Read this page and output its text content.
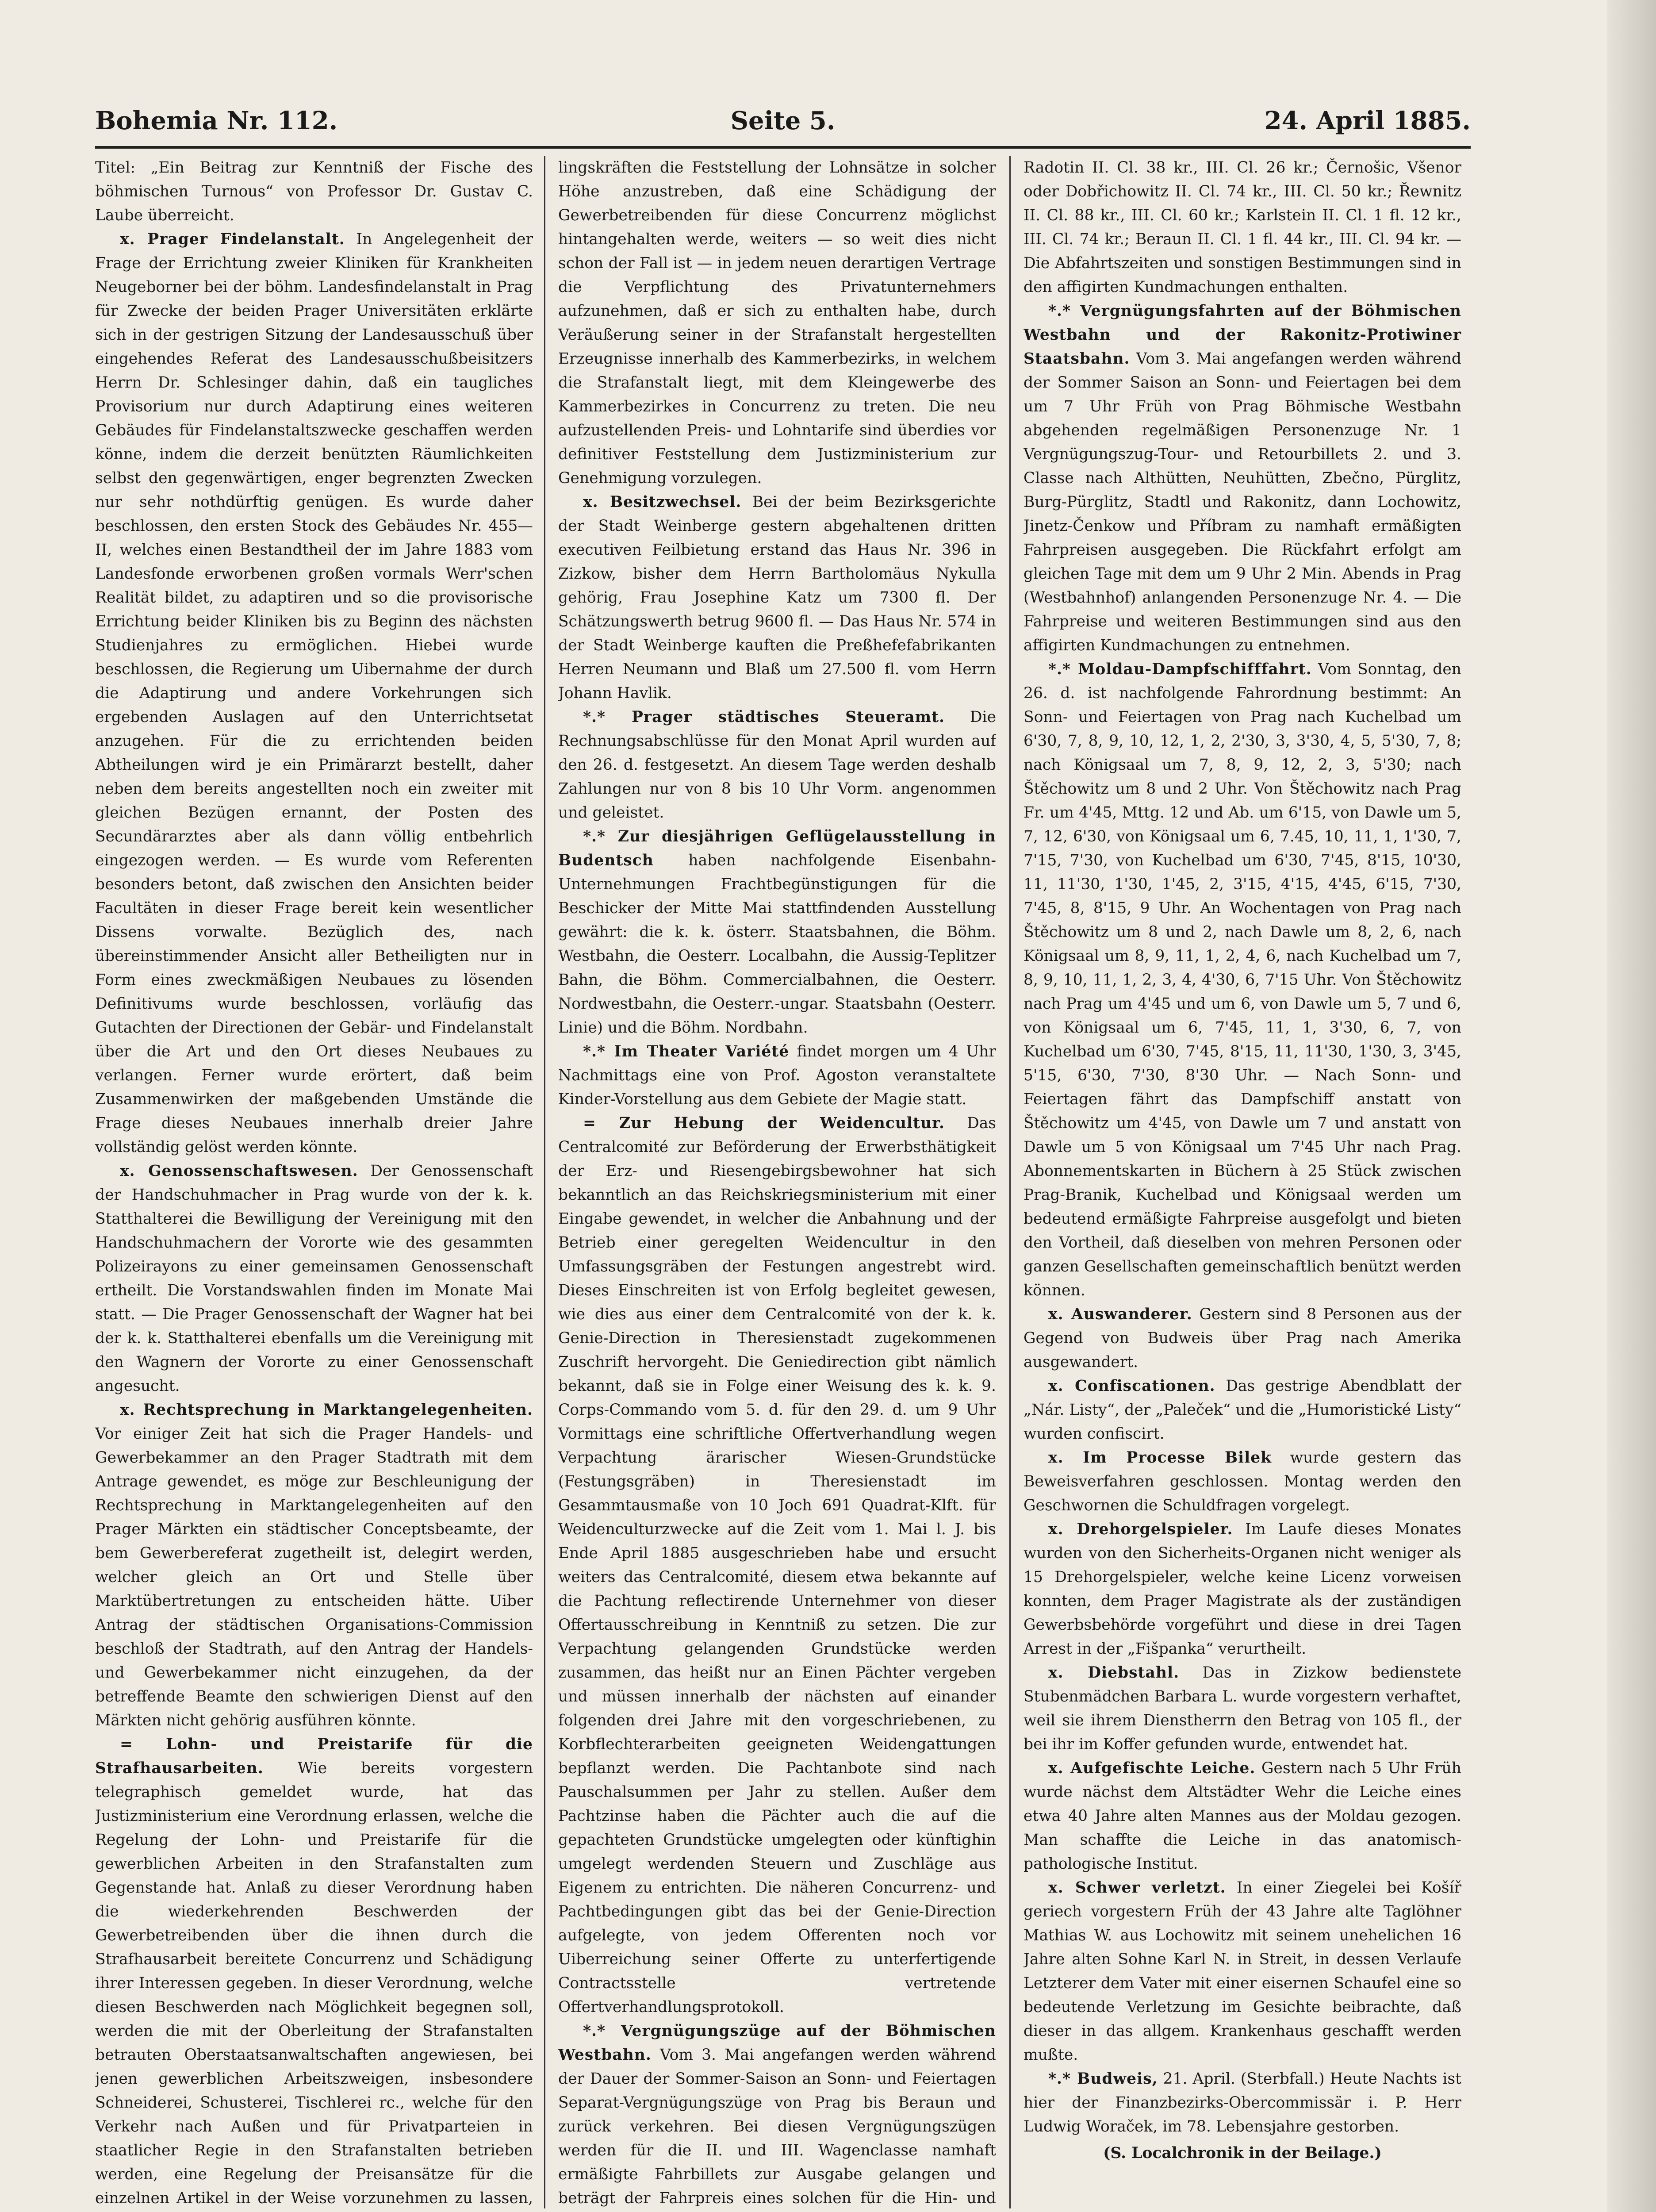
Bohemia Nr. 112.	Seite 5.	24. April 1885.

Titel: „Ein Beitrag zur Kenntniß der Fische des böhmischen Turnous“ von Professor Dr. Gustav C. Laube überreicht.

x. Prager Findelanstalt. In Angelegenheit der Frage der Errichtung zweier Kliniken für Krankheiten Neugeborner bei der böhm. Landesfindelanstalt in Prag für Zwecke der beiden Prager Universitäten erklärte sich in der gestrigen Sitzung der Landesausschuß über eingehendes Referat des Landesausschußbeisitzers Herrn Dr. Schlesinger dahin, daß ein taugliches Provisorium nur durch Adaptirung eines weiteren Gebäudes für Findelanstaltszwecke geschaffen werden könne, indem die derzeit benützten Räumlichkeiten selbst den gegenwärtigen, enger begrenzten Zwecken nur sehr nothdürftig genügen. Es wurde daher beschlossen, den ersten Stock des Gebäudes Nr. 455—II, welches einen Bestandtheil der im Jahre 1883 vom Landesfonde erworbenen großen vormals Werr'schen Realität bildet, zu adaptiren und so die provisorische Errichtung beider Kliniken bis zu Beginn des nächsten Studienjahres zu ermöglichen. Hiebei wurde beschlossen, die Regierung um Uibernahme der durch die Adaptirung und andere Vorkehrungen sich ergebenden Auslagen auf den Unterrichtsetat anzugehen. Für die zu errichtenden beiden Abtheilungen wird je ein Primärarzt bestellt, daher neben dem bereits angestellten noch ein zweiter mit gleichen Bezügen ernannt, der Posten des Secundärarztes aber als dann völlig entbehrlich eingezogen werden. — Es wurde vom Referenten besonders betont, daß zwischen den Ansichten beider Facultäten in dieser Frage bereit kein wesentlicher Dissens vorwalte. Bezüglich des, nach übereinstimmender Ansicht aller Betheiligten nur in Form eines zweckmäßigen Neubaues zu lösenden Definitivums wurde beschlossen, vorläufig das Gutachten der Directionen der Gebär- und Findelanstalt über die Art und den Ort dieses Neubaues zu verlangen. Ferner wurde erörtert, daß beim Zusammenwirken der maßgebenden Umstände die Frage dieses Neubaues innerhalb dreier Jahre vollständig gelöst werden könnte.

x. Genossenschaftswesen. Der Genossenschaft der Handschuhmacher in Prag wurde von der k. k. Statthalterei die Bewilligung der Vereinigung mit den Handschuhmachern der Vororte wie des gesammten Polizeirayons zu einer gemeinsamen Genossenschaft ertheilt. Die Vorstandswahlen finden im Monate Mai statt. — Die Prager Genossenschaft der Wagner hat bei der k. k. Statthalterei ebenfalls um die Vereinigung mit den Wagnern der Vororte zu einer Genossenschaft angesucht.

x. Rechtsprechung in Marktangelegenheiten. Vor einiger Zeit hat sich die Prager Handels- und Gewerbekammer an den Prager Stadtrath mit dem Antrage gewendet, es möge zur Beschleunigung der Rechtsprechung in Marktangelegenheiten auf den Prager Märkten ein städtischer Conceptsbeamte, der bem Gewerbereferat zugetheilt ist, delegirt werden, welcher gleich an Ort und Stelle über Marktübertretungen zu entscheiden hätte. Uiber Antrag der städtischen Organisations-Commission beschloß der Stadtrath, auf den Antrag der Handels- und Gewerbekammer nicht einzugehen, da der betreffende Beamte den schwierigen Dienst auf den Märkten nicht gehörig ausführen könnte.

= Lohn- und Preistarife für die Strafhausarbeiten. Wie bereits vorgestern telegraphisch gemeldet wurde, hat das Justizministerium eine Verordnung erlassen, welche die Regelung der Lohn- und Preistarife für die gewerblichen Arbeiten in den Strafanstalten zum Gegenstande hat. Anlaß zu dieser Verordnung haben die wiederkehrenden Beschwerden der Gewerbetreibenden über die ihnen durch die Strafhausarbeit bereitete Concurrenz und Schädigung ihrer Interessen gegeben. In dieser Verordnung, welche diesen Beschwerden nach Möglichkeit begegnen soll, werden die mit der Oberleitung der Strafanstalten betrauten Oberstaatsanwaltschaften angewiesen, bei jenen gewerblichen Arbeitszweigen, insbesondere Schneiderei, Schusterei, Tischlerei rc., welche für den Verkehr nach Außen und für Privatparteien in staatlicher Regie in den Strafanstalten betrieben werden, eine Regelung der Preisansätze für die einzelnen Artikel in der Weise vorzunehmen zu lassen,

lingskräften die Feststellung der Lohnsätze in solcher Höhe anzustreben, daß eine Schädigung der Gewerbetreibenden für diese Concurrenz möglichst hintangehalten werde, weiters — so weit dies nicht schon der Fall ist — in jedem neuen derartigen Vertrage die Verpflichtung des Privatunternehmers aufzunehmen, daß er sich zu enthalten habe, durch Veräußerung seiner in der Strafanstalt hergestellten Erzeugnisse innerhalb des Kammerbezirks, in welchem die Strafanstalt liegt, mit dem Kleingewerbe des Kammerbezirkes in Concurrenz zu treten. Die neu aufzustellenden Preis- und Lohntarife sind überdies vor definitiver Feststellung dem Justizministerium zur Genehmigung vorzulegen.

x. Besitzwechsel. Bei der beim Bezirksgerichte der Stadt Weinberge gestern abgehaltenen dritten executiven Feilbietung erstand das Haus Nr. 396 in Zizkow, bisher dem Herrn Bartholomäus Nykulla gehörig, Frau Josephine Katz um 7300 fl. Der Schätzungswerth betrug 9600 fl. — Das Haus Nr. 574 in der Stadt Weinberge kauften die Preßhefefabrikanten Herren Neumann und Blaß um 27.500 fl. vom Herrn Johann Havlik.

*.* Prager städtisches Steueramt. Die Rechnungsabschlüsse für den Monat April wurden auf den 26. d. festgesetzt. An diesem Tage werden deshalb Zahlungen nur von 8 bis 10 Uhr Vorm. angenommen und geleistet.

*.* Zur diesjährigen Geflügelausstellung in Budentsch haben nachfolgende Eisenbahn-Unternehmungen Frachtbegünstigungen für die Beschicker der Mitte Mai stattfindenden Ausstellung gewährt: die k. k. österr. Staatsbahnen, die Böhm. Westbahn, die Oesterr. Localbahn, die Aussig-Teplitzer Bahn, die Böhm. Commercialbahnen, die Oesterr. Nordwestbahn, die Oesterr.-ungar. Staatsbahn (Oesterr. Linie) und die Böhm. Nordbahn.

*.* Im Theater Variété findet morgen um 4 Uhr Nachmittags eine von Prof. Agoston veranstaltete Kinder-Vorstellung aus dem Gebiete der Magie statt.

= Zur Hebung der Weidencultur. Das Centralcomité zur Beförderung der Erwerbsthätigkeit der Erz- und Riesengebirgsbewohner hat sich bekanntlich an das Reichskriegsministerium mit einer Eingabe gewendet, in welcher die Anbahnung und der Betrieb einer geregelten Weidencultur in den Umfassungsgräben der Festungen angestrebt wird. Dieses Einschreiten ist von Erfolg begleitet gewesen, wie dies aus einer dem Centralcomité von der k. k. Genie-Direction in Theresienstadt zugekommenen Zuschrift hervorgeht. Die Geniedirection gibt nämlich bekannt, daß sie in Folge einer Weisung des k. k. 9. Corps-Commando vom 5. d. für den 29. d. um 9 Uhr Vormittags eine schriftliche Offertverhandlung wegen Verpachtung ärarischer Wiesen-Grundstücke (Festungsgräben) in Theresienstadt im Gesammtausmaße von 10 Joch 691 Quadrat-Klft. für Weidenculturzwecke auf die Zeit vom 1. Mai l. J. bis Ende April 1885 ausgeschrieben habe und ersucht weiters das Centralcomité, diesem etwa bekannte auf die Pachtung reflectirende Unternehmer von dieser Offertausschreibung in Kenntniß zu setzen. Die zur Verpachtung gelangenden Grundstücke werden zusammen, das heißt nur an Einen Pächter vergeben und müssen innerhalb der nächsten auf einander folgenden drei Jahre mit den vorgeschriebenen, zu Korbflechterarbeiten geeigneten Weidengattungen bepflanzt werden. Die Pachtanbote sind nach Pauschalsummen per Jahr zu stellen. Außer dem Pachtzinse haben die Pächter auch die auf die gepachteten Grundstücke umgelegten oder künftighin umgelegt werdenden Steuern und Zuschläge aus Eigenem zu entrichten. Die näheren Concurrenz- und Pachtbedingungen gibt das bei der Genie-Direction aufgelegte, von jedem Offerenten noch vor Uiberreichung seiner Offerte zu unterfertigende Contractsstelle vertretende Offertverhandlungsprotokoll.

*.* Vergnügungszüge auf der Böhmischen Westbahn. Vom 3. Mai angefangen werden während der Dauer der Sommer-Saison an Sonn- und Feiertagen Separat-Vergnügungszüge von Prag bis Beraun und zurück verkehren. Bei diesen Vergnügungszügen werden für die II. und III. Wagenclasse namhaft ermäßigte Fahrbillets zur Ausgabe gelangen und beträgt der Fahrpreis eines solchen für die Hin- und

Radotin II. Cl. 38 kr., III. Cl. 26 kr.; Černošic, Všenor oder Dobřichowitz II. Cl. 74 kr., III. Cl. 50 kr.; Řewnitz II. Cl. 88 kr., III. Cl. 60 kr.; Karlstein II. Cl. 1 fl. 12 kr., III. Cl. 74 kr.; Beraun II. Cl. 1 fl. 44 kr., III. Cl. 94 kr. — Die Abfahrtszeiten und sonstigen Bestimmungen sind in den affigirten Kundmachungen enthalten.

*.* Vergnügungsfahrten auf der Böhmischen Westbahn und der Rakonitz-Protiwiner Staatsbahn. Vom 3. Mai angefangen werden während der Sommer Saison an Sonn- und Feiertagen bei dem um 7 Uhr Früh von Prag Böhmische Westbahn abgehenden regelmäßigen Personenzuge Nr. 1 Vergnügungszug-Tour- und Retourbillets 2. und 3. Classe nach Althütten, Neuhütten, Zbečno, Pürglitz, Burg-Pürglitz, Stadtl und Rakonitz, dann Lochowitz, Jinetz-Čenkow und Příbram zu namhaft ermäßigten Fahrpreisen ausgegeben. Die Rückfahrt erfolgt am gleichen Tage mit dem um 9 Uhr 2 Min. Abends in Prag (Westbahnhof) anlangenden Personenzuge Nr. 4. — Die Fahrpreise und weiteren Bestimmungen sind aus den affigirten Kundmachungen zu entnehmen.

*.* Moldau-Dampfschifffahrt. Vom Sonntag, den 26. d. ist nachfolgende Fahrordnung bestimmt: An Sonn- und Feiertagen von Prag nach Kuchelbad um 6'30, 7, 8, 9, 10, 12, 1, 2, 2'30, 3, 3'30, 4, 5, 5'30, 7, 8; nach Königsaal um 7, 8, 9, 12, 2, 3, 5'30; nach Štěchowitz um 8 und 2 Uhr. Von Štěchowitz nach Prag Fr. um 4'45, Mttg. 12 und Ab. um 6'15, von Dawle um 5, 7, 12, 6'30, von Königsaal um 6, 7.45, 10, 11, 1, 1'30, 7, 7'15, 7'30, von Kuchelbad um 6'30, 7'45, 8'15, 10'30, 11, 11'30, 1'30, 1'45, 2, 3'15, 4'15, 4'45, 6'15, 7'30, 7'45, 8, 8'15, 9 Uhr. An Wochentagen von Prag nach Štěchowitz um 8 und 2, nach Dawle um 8, 2, 6, nach Königsaal um 8, 9, 11, 1, 2, 4, 6, nach Kuchelbad um 7, 8, 9, 10, 11, 1, 2, 3, 4, 4'30, 6, 7'15 Uhr. Von Štěchowitz nach Prag um 4'45 und um 6, von Dawle um 5, 7 und 6, von Königsaal um 6, 7'45, 11, 1, 3'30, 6, 7, von Kuchelbad um 6'30, 7'45, 8'15, 11, 11'30, 1'30, 3, 3'45, 5'15, 6'30, 7'30, 8'30 Uhr. — Nach Sonn- und Feiertagen fährt das Dampfschiff anstatt von Štěchowitz um 4'45, von Dawle um 7 und anstatt von Dawle um 5 von Königsaal um 7'45 Uhr nach Prag. Abonnementskarten in Büchern à 25 Stück zwischen Prag-Branik, Kuchelbad und Königsaal werden um bedeutend ermäßigte Fahrpreise ausgefolgt und bieten den Vortheil, daß dieselben von mehren Personen oder ganzen Gesellschaften gemeinschaftlich benützt werden können.

x. Auswanderer. Gestern sind 8 Personen aus der Gegend von Budweis über Prag nach Amerika ausgewandert.

x. Confiscationen. Das gestrige Abendblatt der „Nár. Listy“, der „Paleček“ und die „Humoristické Listy“ wurden confiscirt.

x. Im Processe Bilek wurde gestern das Beweisverfahren geschlossen. Montag werden den Geschwornen die Schuldfragen vorgelegt.

x. Drehorgelspieler. Im Laufe dieses Monates wurden von den Sicherheits-Organen nicht weniger als 15 Drehorgelspieler, welche keine Licenz vorweisen konnten, dem Prager Magistrate als der zuständigen Gewerbsbehörde vorgeführt und diese in drei Tagen Arrest in der „Fišpanka“ verurtheilt.

x. Diebstahl. Das in Zizkow bedienstete Stubenmädchen Barbara L. wurde vorgestern verhaftet, weil sie ihrem Dienstherrn den Betrag von 105 fl., der bei ihr im Koffer gefunden wurde, entwendet hat.

x. Aufgefischte Leiche. Gestern nach 5 Uhr Früh wurde nächst dem Altstädter Wehr die Leiche eines etwa 40 Jahre alten Mannes aus der Moldau gezogen. Man schaffte die Leiche in das anatomisch-pathologische Institut.

x. Schwer verletzt. In einer Ziegelei bei Košíř geriech vorgestern Früh der 43 Jahre alte Taglöhner Mathias W. aus Lochowitz mit seinem unehelichen 16 Jahre alten Sohne Karl N. in Streit, in dessen Verlaufe Letzterer dem Vater mit einer eisernen Schaufel eine so bedeutende Verletzung im Gesichte beibrachte, daß dieser in das allgem. Krankenhaus geschafft werden mußte.

*.* Budweis, 21. April. (Sterbfall.) Heute Nachts ist hier der Finanzbezirks-Obercommissär i. P. Herr Ludwig Woraček, im 78. Lebensjahre gestorben.

(S. Localchronik in der Beilage.)
